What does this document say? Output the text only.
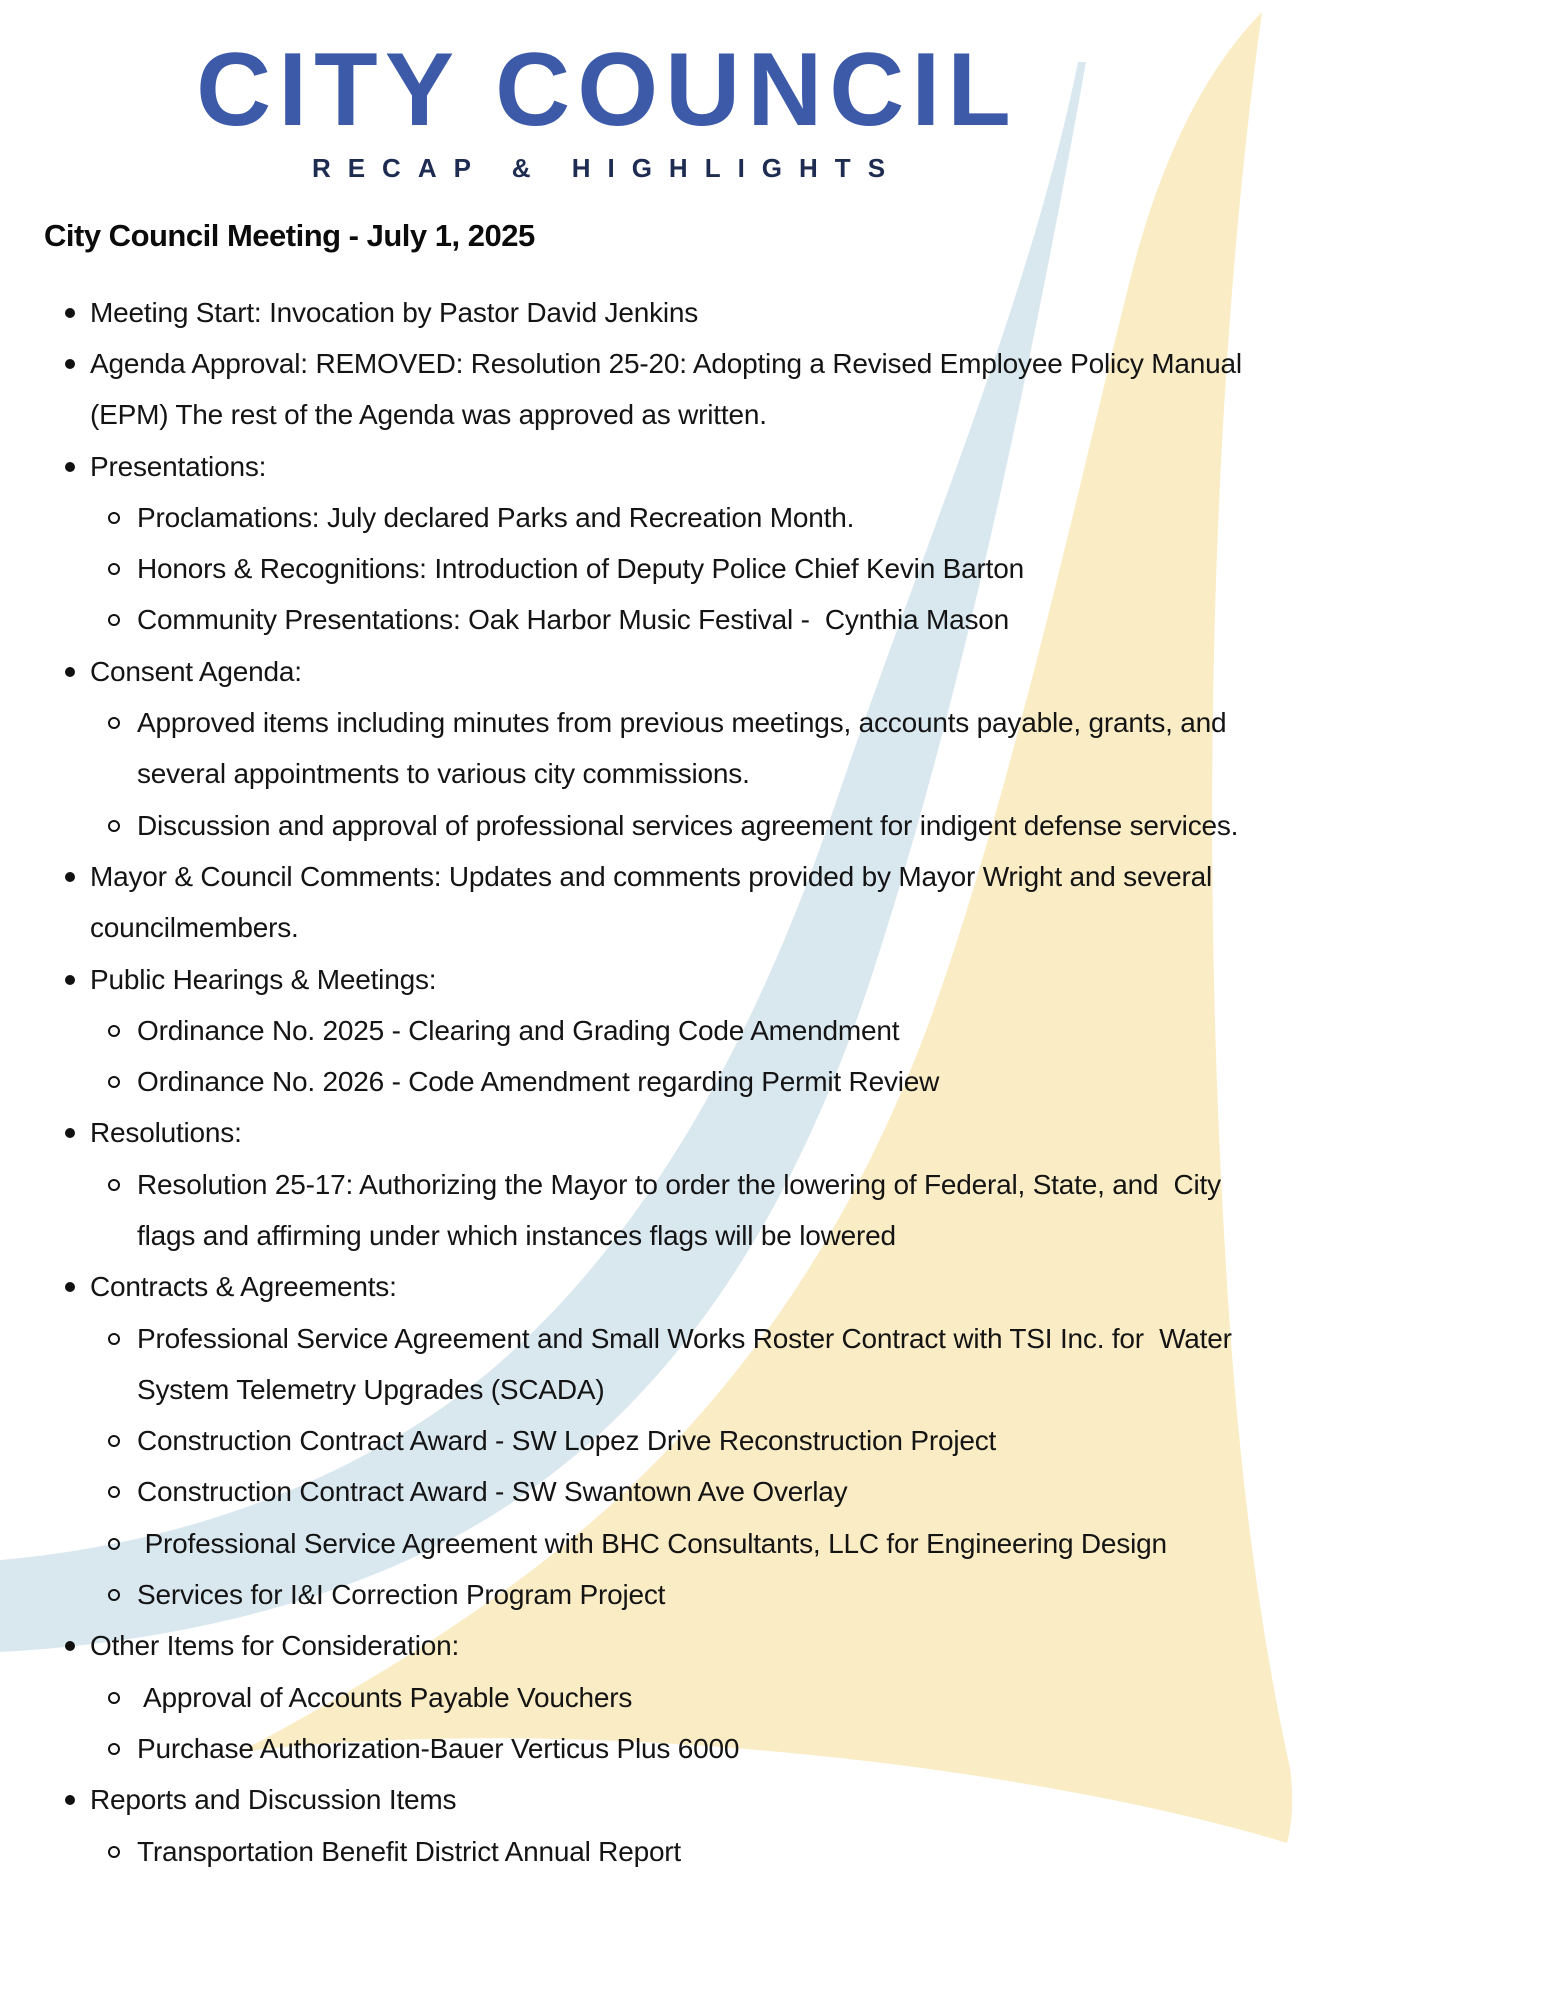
CITY COUNCIL
RECAP & HIGHLIGHTS
City Council Meeting - July 1, 2025
Meeting Start: Invocation by Pastor David Jenkins
Agenda Approval: REMOVED: Resolution 25-20: Adopting a Revised Employee Policy Manual
(EPM) The rest of the Agenda was approved as written.
Presentations:
Proclamations: July declared Parks and Recreation Month.
Honors & Recognitions: Introduction of Deputy Police Chief Kevin Barton
Community Presentations: Oak Harbor Music Festival -  Cynthia Mason
Consent Agenda:
Approved items including minutes from previous meetings, accounts payable, grants, and
several appointments to various city commissions.
Discussion and approval of professional services agreement for indigent defense services.
Mayor & Council Comments: Updates and comments provided by Mayor Wright and several
councilmembers.
Public Hearings & Meetings:
Ordinance No. 2025 - Clearing and Grading Code Amendment
Ordinance No. 2026 - Code Amendment regarding Permit Review
Resolutions:
Resolution 25-17: Authorizing the Mayor to order the lowering of Federal, State, and  City
flags and affirming under which instances flags will be lowered
Contracts & Agreements:
Professional Service Agreement and Small Works Roster Contract with TSI Inc. for  Water
System Telemetry Upgrades (SCADA)
Construction Contract Award - SW Lopez Drive Reconstruction Project
Construction Contract Award - SW Swantown Ave Overlay
Professional Service Agreement with BHC Consultants, LLC for Engineering Design
Services for I&I Correction Program Project
Other Items for Consideration:
Approval of Accounts Payable Vouchers
Purchase Authorization-Bauer Verticus Plus 6000
Reports and Discussion Items
Transportation Benefit District Annual Report
